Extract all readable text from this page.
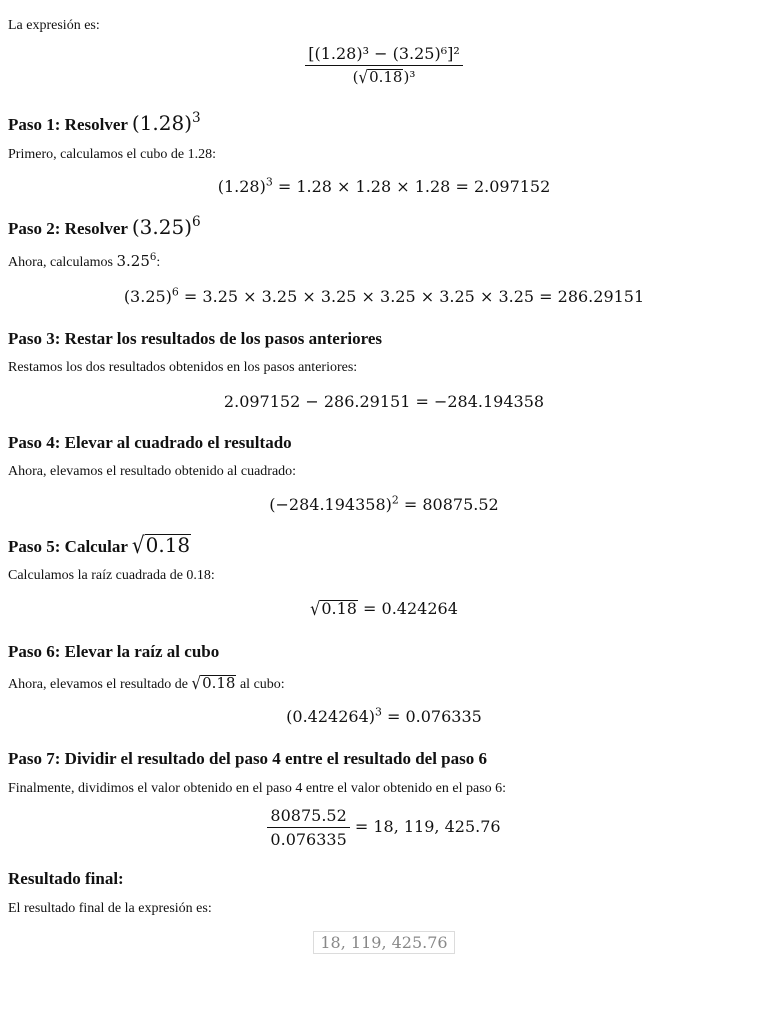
La expresión es:
$\frac{\text{[(1.28)³ − (3.25)⁶]²}}{\text{(√0.18)³}}$
Paso 1: Resolver $(1.28)^3$
Primero, calculamos el cubo de 1.28:
$(1.28)^3 = 1.28 \times 1.28 \times 1.28 = 2.097152$
Paso 2: Resolver $(3.25)^6$
Ahora, calculamos 3.25$^6$:
$(3.25)^6 = 3.25 \times 3.25 \times 3.25 \times 3.25 \times 3.25 \times 3.25 = 286.29151$
Paso 3: Restar los resultados de los pasos anteriores
Restamos los dos resultados obtenidos en los pasos anteriores:
2.097152 − 286.29151 = −284.194358
Paso 4: Elevar al cuadrado el resultado
Ahora, elevamos el resultado obtenido al cuadrado:
$(-284.194358)^2 = 80875.52$
Paso 5: Calcular √0.18
Calculamos la raíz cuadrada de 0.18:
√0.18 = 0.424264
Paso 6: Elevar la raíz al cubo
Ahora, elevamos el resultado de √0.18 al cubo:
$(0.424264)^3 = 0.076335$
Paso 7: Dividir el resultado del paso 4 entre el resultado del paso 6
Finalmente, dividimos el valor obtenido en el paso 4 entre el valor obtenido en el paso 6:
$\frac{80875.52}{0.076335} = 18$, 119, 425.76
Resultado final:
El resultado final de la expresión es:
18, 119, 425.76
